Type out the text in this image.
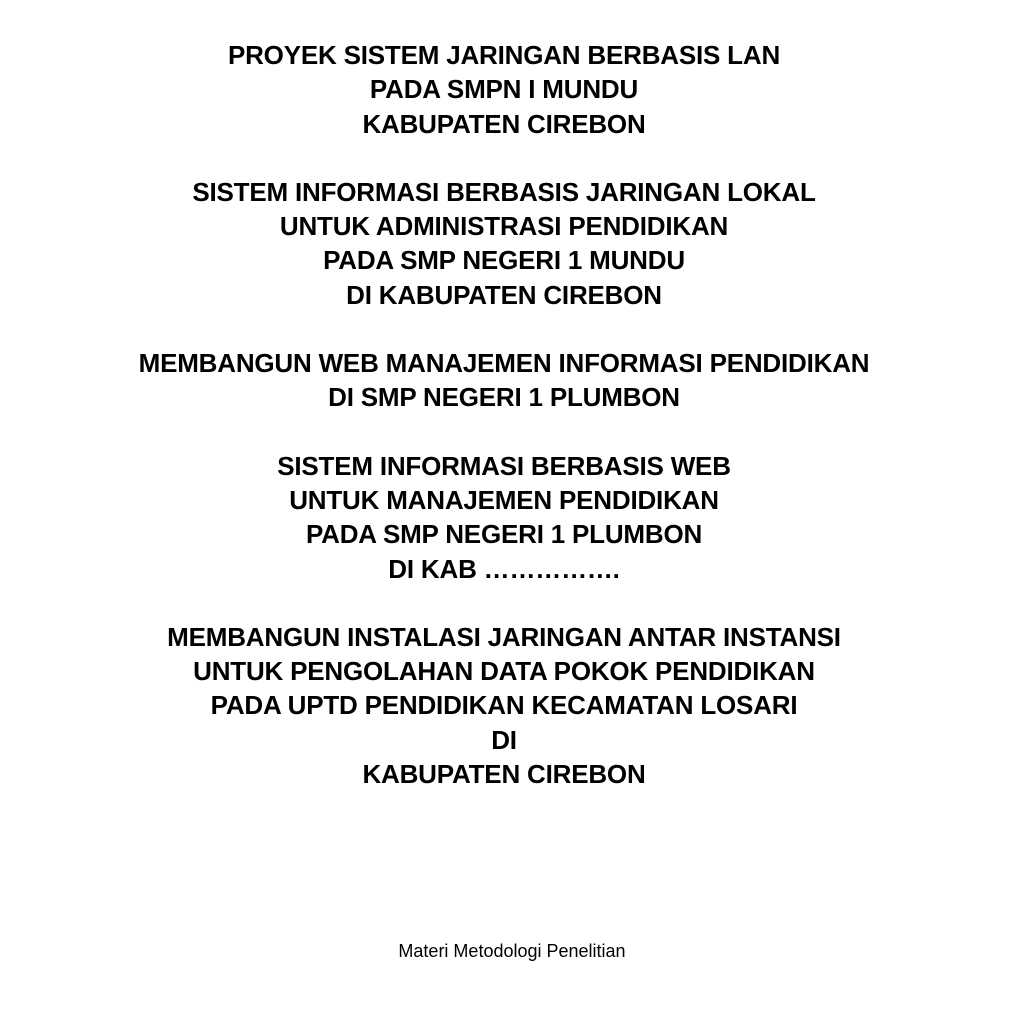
PROYEK SISTEM JARINGAN BERBASIS LAN
PADA SMPN I MUNDU
KABUPATEN CIREBON
SISTEM INFORMASI BERBASIS JARINGAN LOKAL
UNTUK ADMINISTRASI PENDIDIKAN
PADA SMP NEGERI 1 MUNDU
DI KABUPATEN CIREBON
MEMBANGUN WEB MANAJEMEN INFORMASI PENDIDIKAN
DI SMP NEGERI 1 PLUMBON
SISTEM INFORMASI BERBASIS WEB
UNTUK MANAJEMEN PENDIDIKAN
PADA SMP NEGERI 1 PLUMBON
DI KAB …………….
MEMBANGUN INSTALASI JARINGAN ANTAR INSTANSI
UNTUK PENGOLAHAN DATA POKOK PENDIDIKAN
PADA UPTD PENDIDIKAN KECAMATAN LOSARI
DI
KABUPATEN CIREBON
Materi Metodologi Penelitian
